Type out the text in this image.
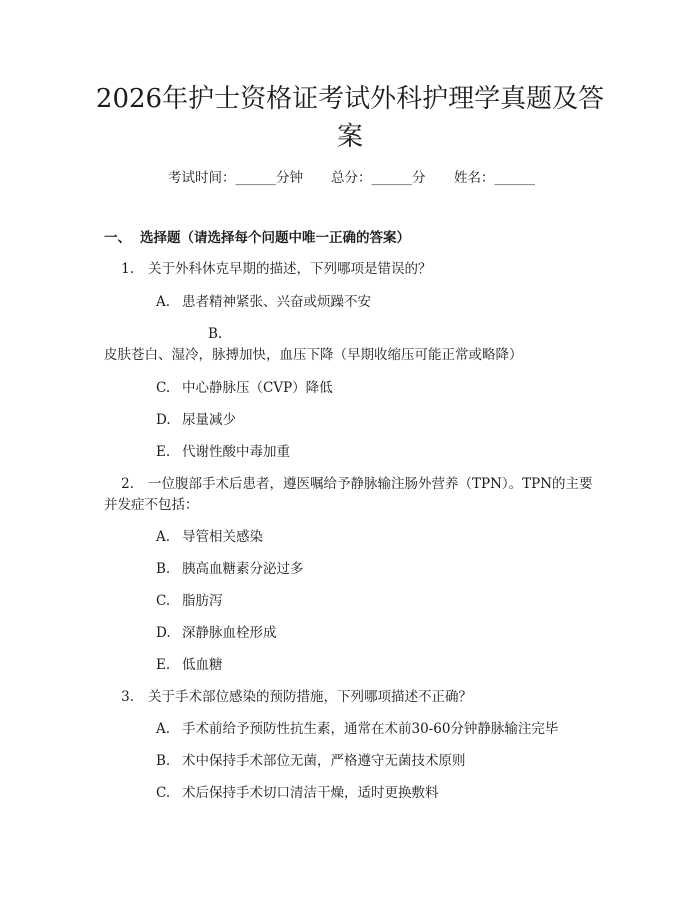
2026年护士资格证考试外科护理学真题及答案
考试时间：______分钟 总分：______分 姓名：______
一、 选择题（请选择每个问题中唯一正确的答案）
1. 关于外科休克早期的描述，下列哪项是错误的？
A. 患者精神紧张、兴奋或烦躁不安
B.皮肤苍白、湿冷，脉搏加快，血压下降（早期收缩压可能正常或略降）
C. 中心静脉压（CVP）降低
D. 尿量减少
E. 代谢性酸中毒加重
2. 一位腹部手术后患者，遵医嘱给予静脉输注肠外营养（TPN）。TPN的主要并发症不包括：
A. 导管相关感染
B. 胰高血糖素分泌过多
C. 脂肪泻
D. 深静脉血栓形成
E. 低血糖
3. 关于手术部位感染的预防措施，下列哪项描述不正确？
A. 手术前给予预防性抗生素，通常在术前30-60分钟静脉输注完毕
B. 术中保持手术部位无菌，严格遵守无菌技术原则
C. 术后保持手术切口清洁干燥，适时更换敷料
